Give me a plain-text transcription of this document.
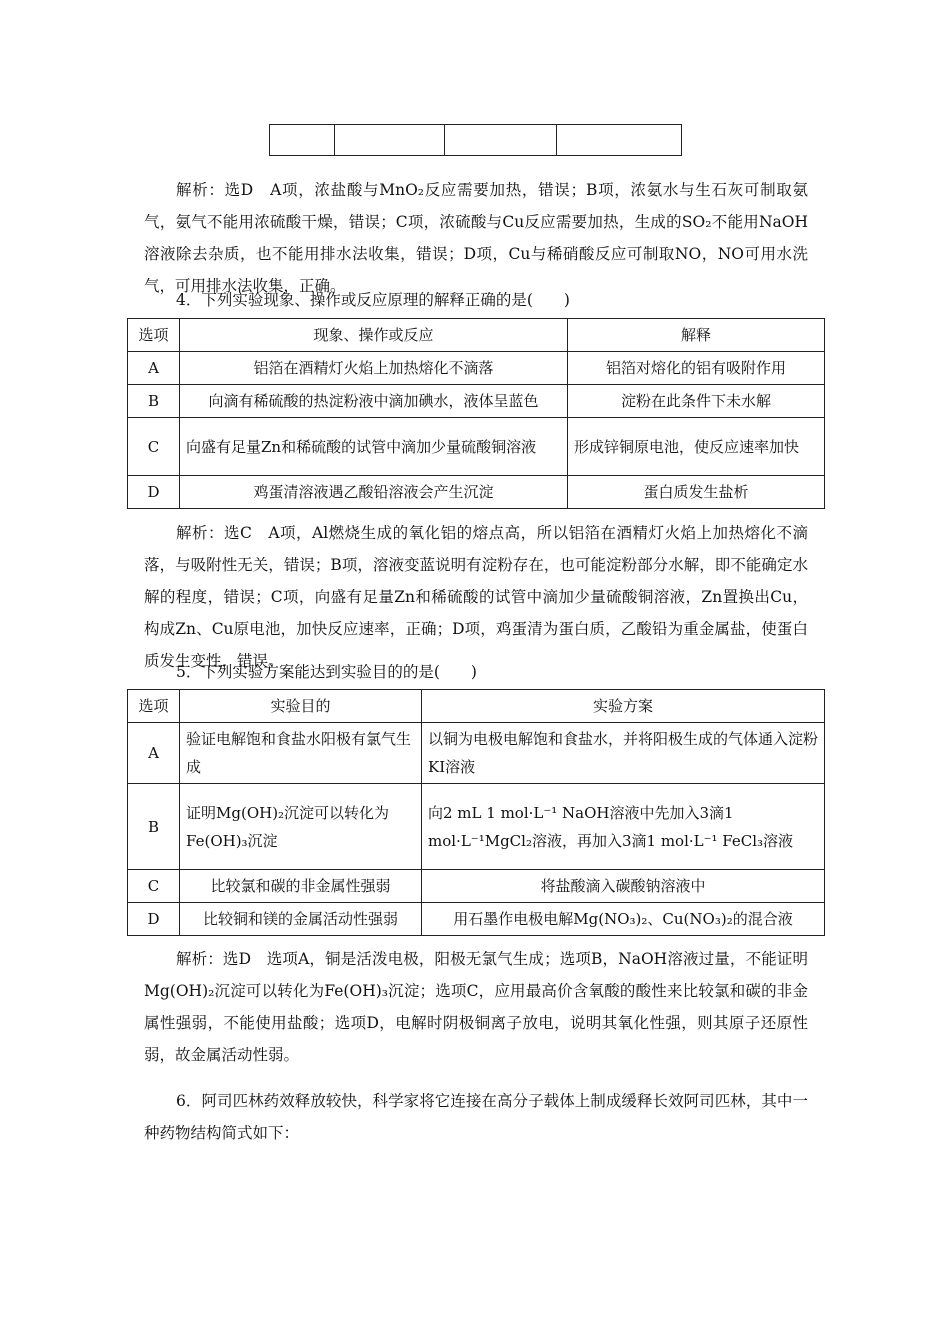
解析：选D　A项，浓盐酸与MnO₂反应需要加热，错误；B项，浓氨水与生石灰可制取氨气，氨气不能用浓硫酸干燥，错误；C项，浓硫酸与Cu反应需要加热，生成的SO₂不能用NaOH溶液除去杂质，也不能用排水法收集，错误；D项，Cu与稀硝酸反应可制取NO，NO可用水洗气，可用排水法收集，正确。

4．下列实验现象、操作或反应原理的解释正确的是(　　)

选项	现象、操作或反应	解释
A	铝箔在酒精灯火焰上加热熔化不滴落	铝箔对熔化的铝有吸附作用
B	向滴有稀硫酸的热淀粉液中滴加碘水，液体呈蓝色	淀粉在此条件下未水解
C	向盛有足量Zn和稀硫酸的试管中滴加少量硫酸铜溶液	形成锌铜原电池，使反应速率加快
D	鸡蛋清溶液遇乙酸铅溶液会产生沉淀	蛋白质发生盐析

解析：选C　A项，Al燃烧生成的氧化铝的熔点高，所以铝箔在酒精灯火焰上加热熔化不滴落，与吸附性无关，错误；B项，溶液变蓝说明有淀粉存在，也可能淀粉部分水解，即不能确定水解的程度，错误；C项，向盛有足量Zn和稀硫酸的试管中滴加少量硫酸铜溶液，Zn置换出Cu，构成Zn、Cu原电池，加快反应速率，正确；D项，鸡蛋清为蛋白质，乙酸铅为重金属盐，使蛋白质发生变性，错误。

5．下列实验方案能达到实验目的的是(　　)

选项	实验目的	实验方案
A	验证电解饱和食盐水阳极有氯气生成	以铜为电极电解饱和食盐水，并将阳极生成的气体通入淀粉KI溶液
B	证明Mg(OH)₂沉淀可以转化为Fe(OH)₃沉淀	向2 mL 1 mol·L⁻¹ NaOH溶液中先加入3滴1 mol·L⁻¹MgCl₂溶液，再加入3滴1 mol·L⁻¹ FeCl₃溶液
C	比较氯和碳的非金属性强弱	将盐酸滴入碳酸钠溶液中
D	比较铜和镁的金属活动性强弱	用石墨作电极电解Mg(NO₃)₂、Cu(NO₃)₂的混合液

解析：选D　选项A，铜是活泼电极，阳极无氯气生成；选项B，NaOH溶液过量，不能证明Mg(OH)₂沉淀可以转化为Fe(OH)₃沉淀；选项C，应用最高价含氧酸的酸性来比较氯和碳的非金属性强弱，不能使用盐酸；选项D，电解时阴极铜离子放电，说明其氧化性强，则其原子还原性弱，故金属活动性弱。

6．阿司匹林药效释放较快，科学家将它连接在高分子载体上制成缓释长效阿司匹林，其中一种药物结构简式如下：
